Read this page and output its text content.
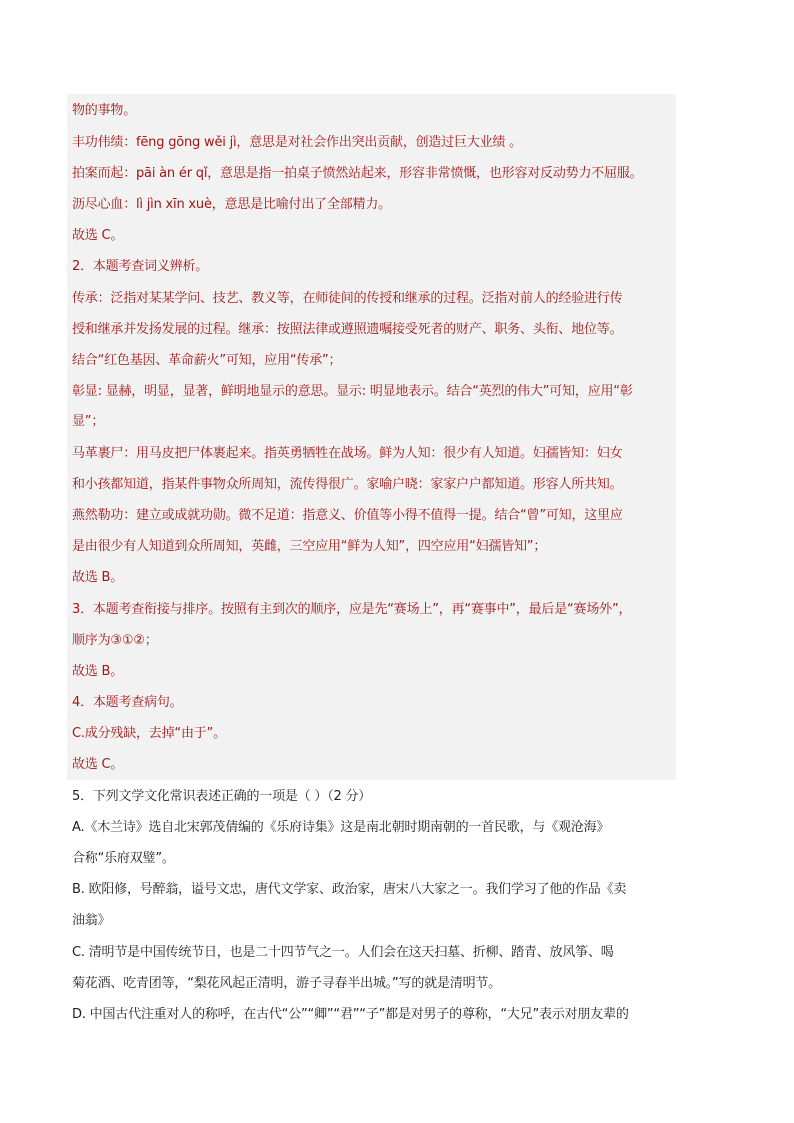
物的事物。
丰功伟绩：fēng gōng wěi jì，意思是对社会作出突出贡献，创造过巨大业绩 。
拍案而起：pāi àn ér qǐ，意思是指一拍桌子愤然站起来，形容非常愤慨，也形容对反动势力不屈服。
沥尽心血：lì jìn xīn xuè，意思是比喻付出了全部精力。
故选 C。
2．本题考查词义辨析。
传承：泛指对某某学问、技艺、教义等，在师徒间的传授和继承的过程。泛指对前人的经验进行传
授和继承并发扬发展的过程。继承：按照法律或遵照遗嘱接受死者的财产、职务、头衔、地位等。
结合“红色基因、革命薪火”可知，应用“传承”；
彰显: 显赫，明显，显著，鲜明地显示的意思。显示: 明显地表示。结合“英烈的伟大”可知，应用“彰
显”；
马革裹尸：用马皮把尸体裹起来。指英勇牺牲在战场。鲜为人知：很少有人知道。妇孺皆知：妇女
和小孩都知道，指某件事物众所周知，流传得很广。家喻户晓：家家户户都知道。形容人所共知。
燕然勒功：建立或成就功勋。微不足道：指意义、价值等小得不值得一提。结合“曾”可知，这里应
是由很少有人知道到众所周知，英雌，三空应用“鲜为人知”，四空应用“妇孺皆知”；
故选 B。
3．本题考查衔接与排序。按照有主到次的顺序，应是先“赛场上”，再“赛事中”，最后是“赛场外”，
顺序为③①②；
故选 B。
4．本题考查病句。
C.成分残缺，去掉“由于”。
故选 C。
5．下列文学文化常识表述正确的一项是（ ）（2 分）
A.《木兰诗》选自北宋郭茂倩编的《乐府诗集》这是南北朝时期南朝的一首民歌，与《观沧海》
合称“乐府双璧”。
B. 欧阳修，号醉翁，谥号文忠，唐代文学家、政治家，唐宋八大家之一。我们学习了他的作品《卖
油翁》
C. 清明节是中国传统节日，也是二十四节气之一。人们会在这天扫墓、折柳、踏青、放风筝、喝
菊花酒、吃青团等，“梨花风起正清明，游子寻春半出城。”写的就是清明节。
D. 中国古代注重对人的称呼，在古代“公”“卿”“君”“子”都是对男子的尊称，“大兄”表示对朋友辈的
